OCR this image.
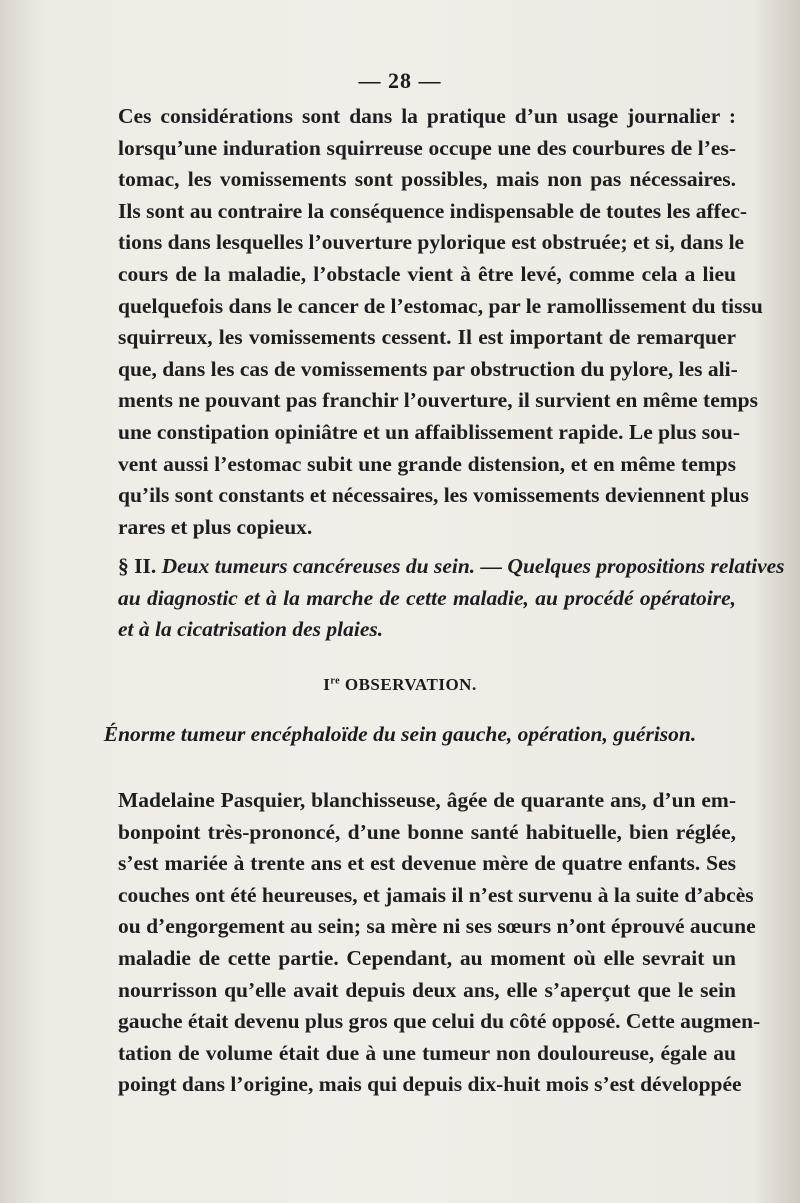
— 28 —
Ces considérations sont dans la pratique d’un usage journalier :
lorsqu’une induration squirreuse occupe une des courbures de l’es-
tomac, les vomissements sont possibles, mais non pas nécessaires.
Ils sont au contraire la conséquence indispensable de toutes les affec-
tions dans lesquelles l’ouverture pylorique est obstruée; et si, dans le
cours de la maladie, l’obstacle vient à être levé, comme cela a lieu
quelquefois dans le cancer de l’estomac, par le ramollissement du tissu
squirreux, les vomissements cessent. Il est important de remarquer
que, dans les cas de vomissements par obstruction du pylore, les ali-
ments ne pouvant pas franchir l’ouverture, il survient en même temps
une constipation opiniâtre et un affaiblissement rapide. Le plus sou-
vent aussi l’estomac subit une grande distension, et en même temps
qu’ils sont constants et nécessaires, les vomissements deviennent plus
rares et plus copieux.
§ II. Deux tumeurs cancéreuses du sein. — Quelques propositions relatives
au diagnostic et à la marche de cette maladie, au procédé opératoire,
et à la cicatrisation des plaies.
Ire OBSERVATION.
Énorme tumeur encéphaloïde du sein gauche, opération, guérison.
Madelaine Pasquier, blanchisseuse, âgée de quarante ans, d’un em-
bonpoint très-prononcé, d’une bonne santé habituelle, bien réglée,
s’est mariée à trente ans et est devenue mère de quatre enfants. Ses
couches ont été heureuses, et jamais il n’est survenu à la suite d’abcès
ou d’engorgement au sein; sa mère ni ses sœurs n’ont éprouvé aucune
maladie de cette partie. Cependant, au moment où elle sevrait un
nourrisson qu’elle avait depuis deux ans, elle s’aperçut que le sein
gauche était devenu plus gros que celui du côté opposé. Cette augmen-
tation de volume était due à une tumeur non douloureuse, égale au
poingt dans l’origine, mais qui depuis dix-huit mois s’est développée
